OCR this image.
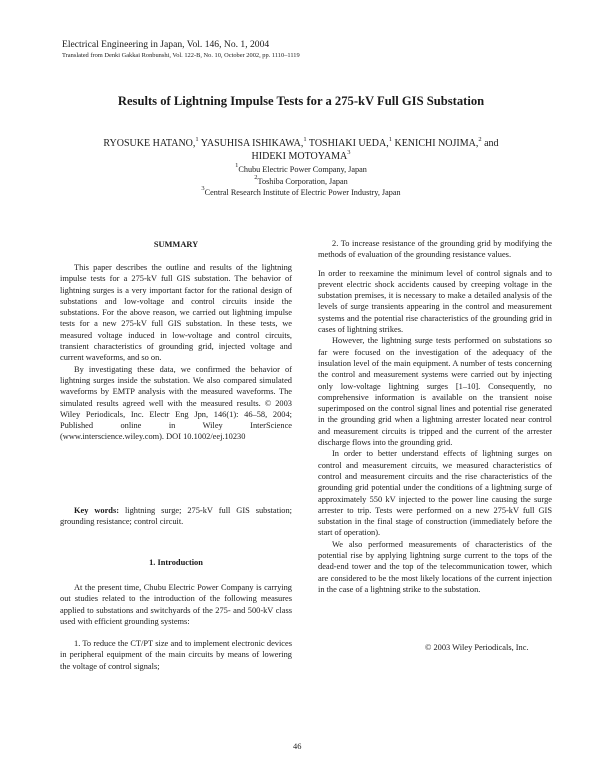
Electrical Engineering in Japan, Vol. 146, No. 1, 2004
Translated from Denki Gakkai Ronbunshi, Vol. 122-B, No. 10, October 2002, pp. 1110–1119
Results of Lightning Impulse Tests for a 275-kV Full GIS Substation
RYOSUKE HATANO,$^1$ YASUHISA ISHIKAWA,$^1$ TOSHIAKI UEDA,$^1$ KENICHI NOJIMA,$^2$ and
HIDEKI MOTOYAMA$^3$
$^1$Chubu Electric Power Company, Japan
$^2$Toshiba Corporation, Japan
$^3$Central Research Institute of Electric Power Industry, Japan
SUMMARY

This paper describes the outline and results of the lightning impulse tests for a 275-kV full GIS substation. The behavior of lightning surges is a very important factor for the rational design of substations and low-voltage and control circuits inside the substations. For the above reason, we carried out lightning impulse tests for a new 275-kV full GIS substation. In these tests, we measured voltage induced in low-voltage and control circuits, transient characteristics of grounding grid, injected voltage and current waveforms, and so on.

By investigating these data, we confirmed the behavior of lightning surges inside the substation. We also compared simulated waveforms by EMTP analysis with the measured waveforms. The simulated results agreed well with the measured results. © 2003 Wiley Periodicals, Inc. Electr Eng Jpn, 146(1): 46–58, 2004; Published online in Wiley InterScience (www.interscience.wiley.com). DOI 10.1002/eej.10230

Key words: lightning surge; 275-kV full GIS substation; grounding resistance; control circuit.

1. Introduction

At the present time, Chubu Electric Power Company is carrying out studies related to the introduction of the following measures applied to substations and switchyards of the 275- and 500-kV class used with efficient grounding systems:

1. To reduce the CT/PT size and to implement electronic devices in peripheral equipment of the main circuits by means of lowering the voltage of control signals;

2. To increase resistance of the grounding grid by modifying the methods of evaluation of the grounding resistance values.

In order to reexamine the minimum level of control signals and to prevent electric shock accidents caused by creeping voltage in the substation premises, it is necessary to make a detailed analysis of the levels of surge transients appearing in the control and measurement systems and the potential rise characteristics of the grounding grid in cases of lightning strikes.

However, the lightning surge tests performed on substations so far were focused on the investigation of the adequacy of the insulation level of the main equipment. A number of tests concerning the control and measurement systems were carried out by injecting only low-voltage lightning surges [1–10]. Consequently, no comprehensive information is available on the transient noise superimposed on the control signal lines and potential rise generated in the grounding grid when a lightning arrester located near control and measurement circuits is tripped and the current of the arrester discharge flows into the grounding grid.

In order to better understand effects of lightning surges on control and measurement circuits, we measured characteristics of control and measurement circuits and the rise characteristics of the grounding grid potential under the conditions of a lightning surge of approximately 550 kV injected to the power line causing the surge arrester to trip. Tests were performed on a new 275-kV full GIS substation in the final stage of construction (immediately before the start of operation).

We also performed measurements of characteristics of the potential rise by applying lightning surge current to the tops of the dead-end tower and the top of the telecommunication tower, which are considered to be the most likely locations of the current injection in the case of a lightning strike to the substation.

© 2003 Wiley Periodicals, Inc.
46
